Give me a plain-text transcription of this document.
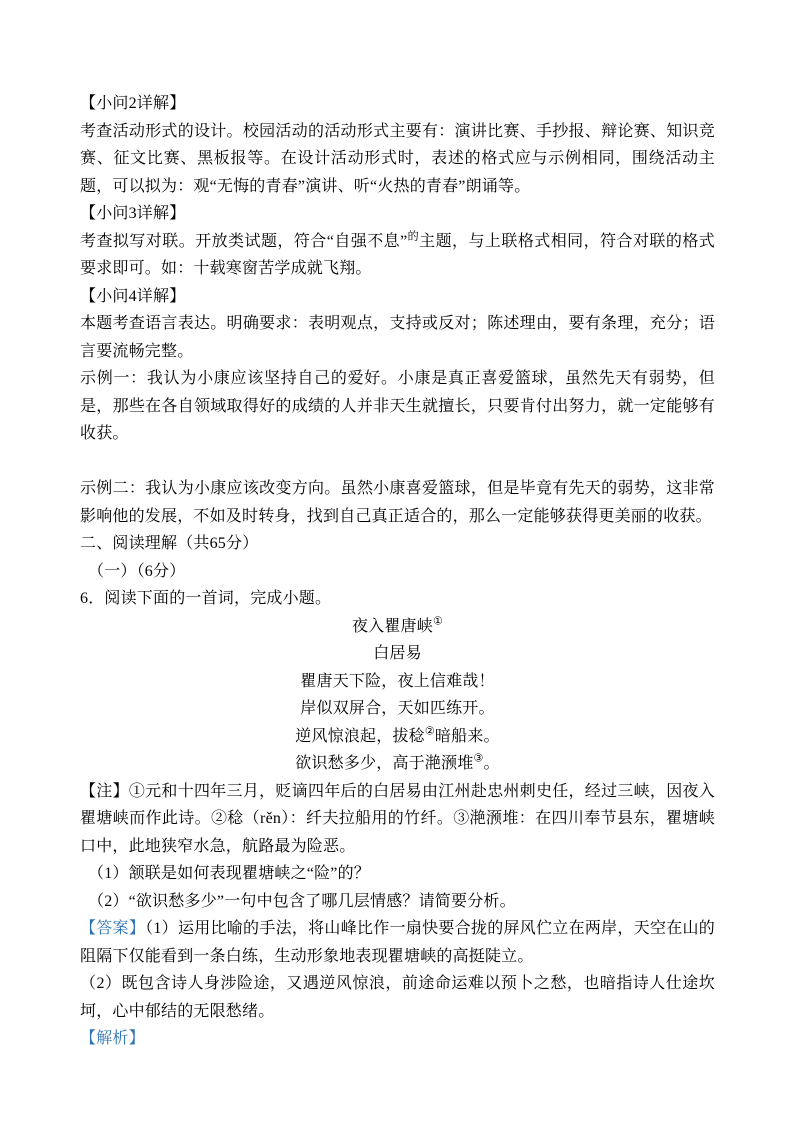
【小问2详解】

考查活动形式的设计。校园活动的活动形式主要有：演讲比赛、手抄报、辩论赛、知识竞赛、征文比赛、黑板报等。在设计活动形式时，表述的格式应与示例相同，围绕活动主题，可以拟为：观“无悔的青春”演讲、听“火热的青春”朗诵等。

【小问3详解】

考查拟写对联。开放类试题，符合“自强不息”$^的$主题，与上联格式相同，符合对联的格式要求即可。如：十载寒窗苦学成就飞翔。

【小问4详解】

本题考查语言表达。明确要求：表明观点，支持或反对；陈述理由，要有条理，充分；语言要流畅完整。

示例一：我认为小康应该坚持自己的爱好。小康是真正喜爱篮球，虽然先天有弱势，但是，那些在各自领域取得好的成绩的人并非天生就擅长，只要肯付出努力，就一定能够有收获。

示例二：我认为小康应该改变方向。虽然小康喜爱篮球，但是毕竟有先天的弱势，这非常影响他的发展，不如及时转身，找到自己真正适合的，那么一定能够获得更美丽的收获。

二、阅读理解（共65分）

（一）（6分）

6．阅读下面的一首词，完成小题。

夜入瞿唐峡①

白居易

瞿唐天下险，夜上信难哉！

岸似双屏合，天如匹练开。

逆风惊浪起，拔稔②暗船来。

欲识愁多少，高于滟滪堆③。

【注】①元和十四年三月，贬谪四年后的白居易由江州赴忠州刺史任，经过三峡，因夜入瞿塘峡而作此诗。②稔（rěn）：纤夫拉船用的竹纤。③滟滪堆：在四川奉节县东，瞿塘峡口中，此地狭窄水急，航路最为险恶。

（1）颔联是如何表现瞿塘峡之“险”的？

（2）“欲识愁多少”一句中包含了哪几层情感？请简要分析。

【答案】（1）运用比喻的手法，将山峰比作一扇快要合拢的屏风伫立在两岸，天空在山的阻隔下仅能看到一条白练，生动形象地表现瞿塘峡的高挺陡立。

（2）既包含诗人身涉险途，又遇逆风惊浪，前途命运难以预卜之愁，也暗指诗人仕途坎坷，心中郁结的无限愁绪。

【解析】
